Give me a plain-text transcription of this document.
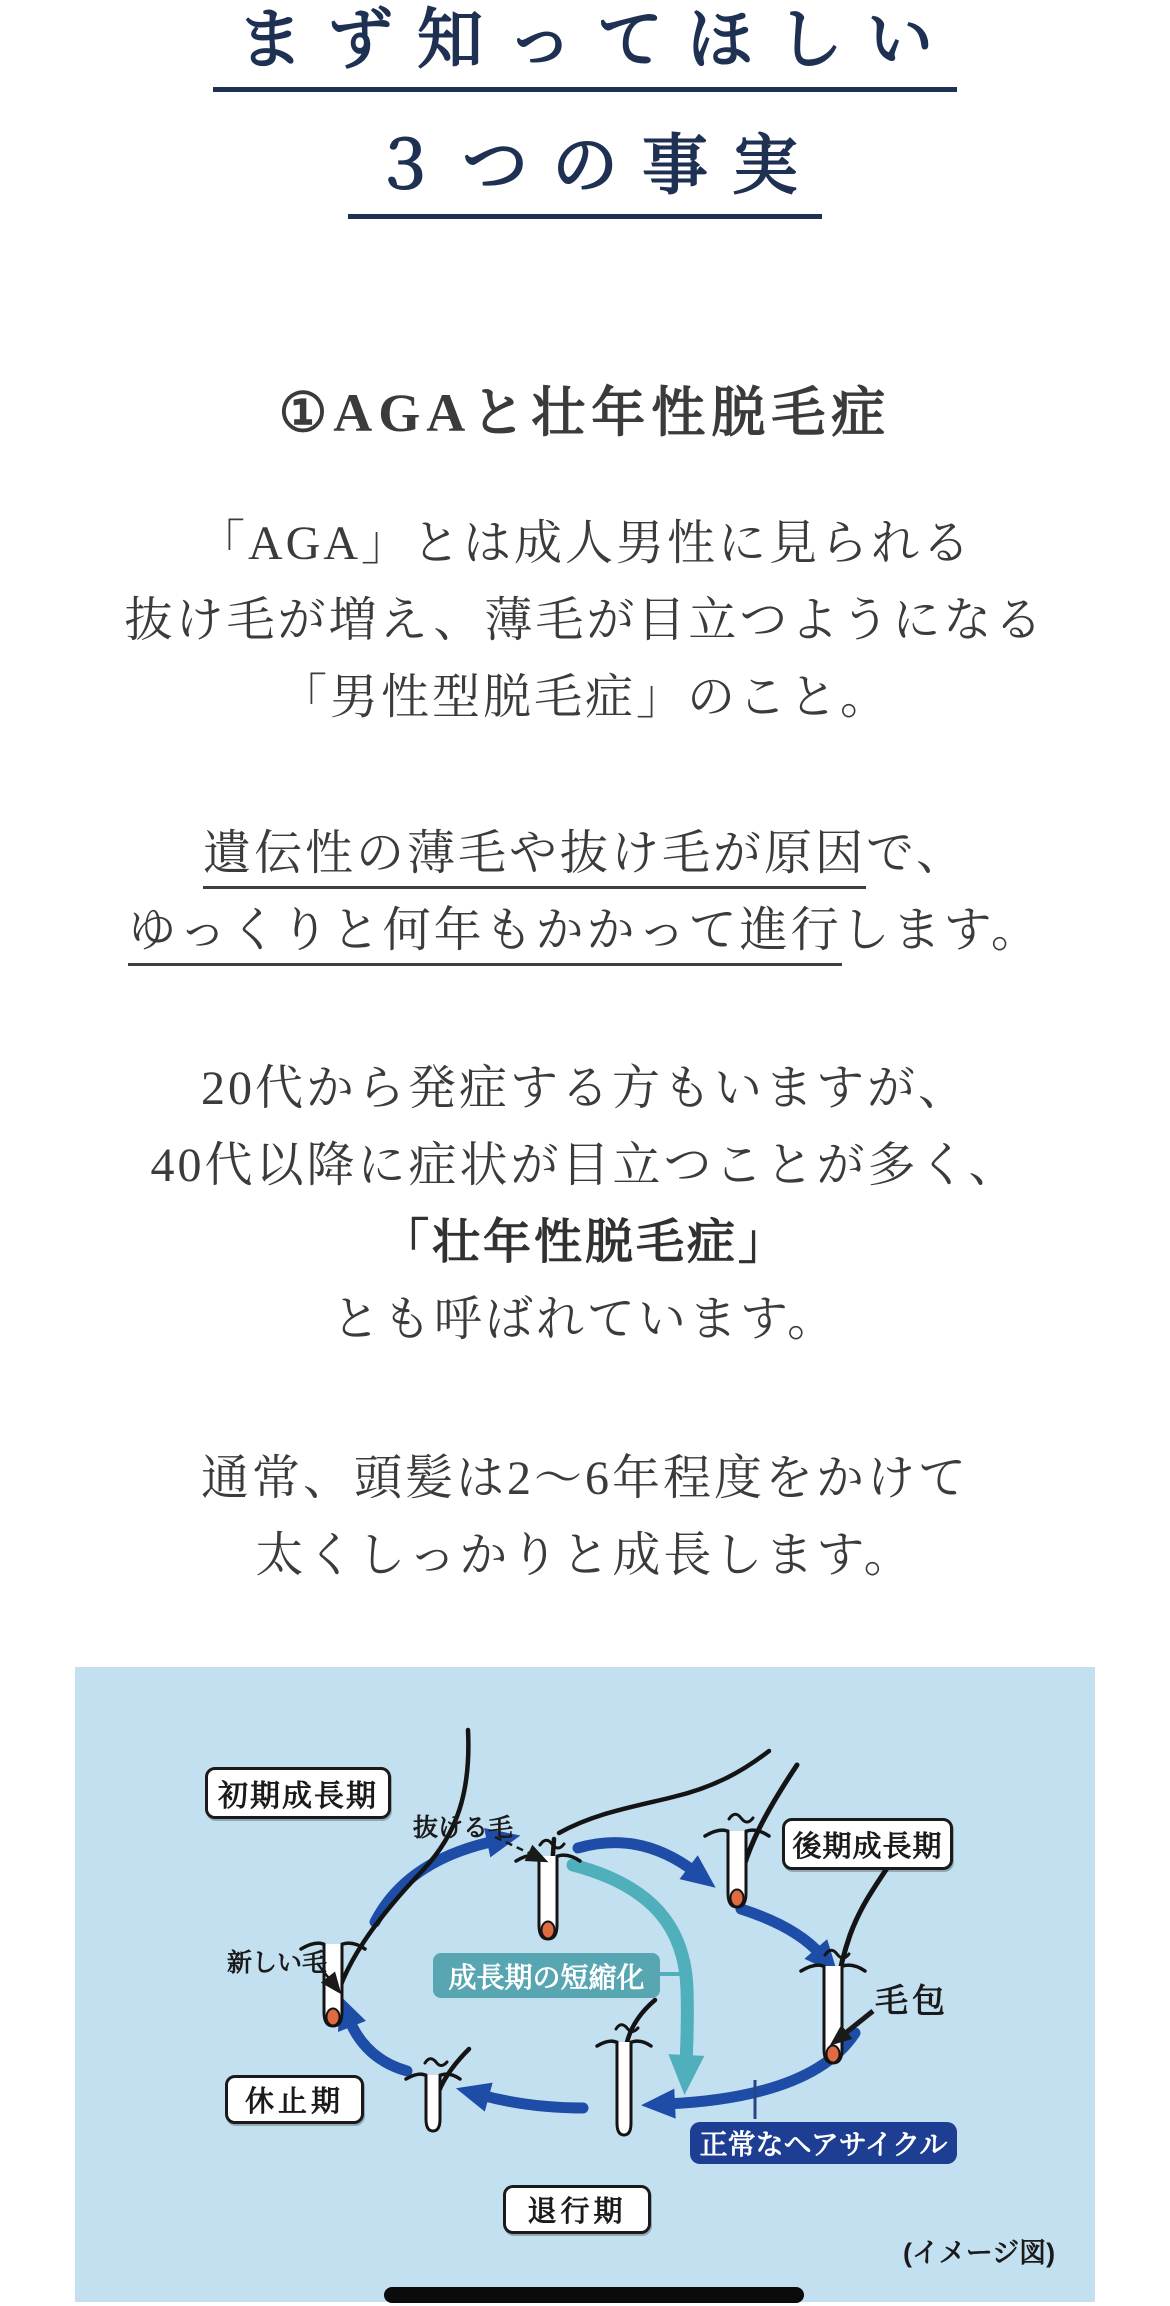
まず知ってほしい
３つの事実
①AGAと壮年性脱毛症
「AGA」とは成人男性に見られる
抜け毛が増え、薄毛が目立つようになる
「男性型脱毛症」のこと。
遺伝性の薄毛や抜け毛が原因で、
ゆっくりと何年もかかって進行します。
20代から発症する方もいますが、
40代以降に症状が目立つことが多く、
「壮年性脱毛症」
とも呼ばれています。
通常、頭髪は2〜6年程度をかけて
太くしっかりと成長します。
初期成長期
後期成長期
成長期の短縮化
休止期
正常なヘアサイクル
退行期
抜ける毛
新しい毛
毛包
(イメージ図)
